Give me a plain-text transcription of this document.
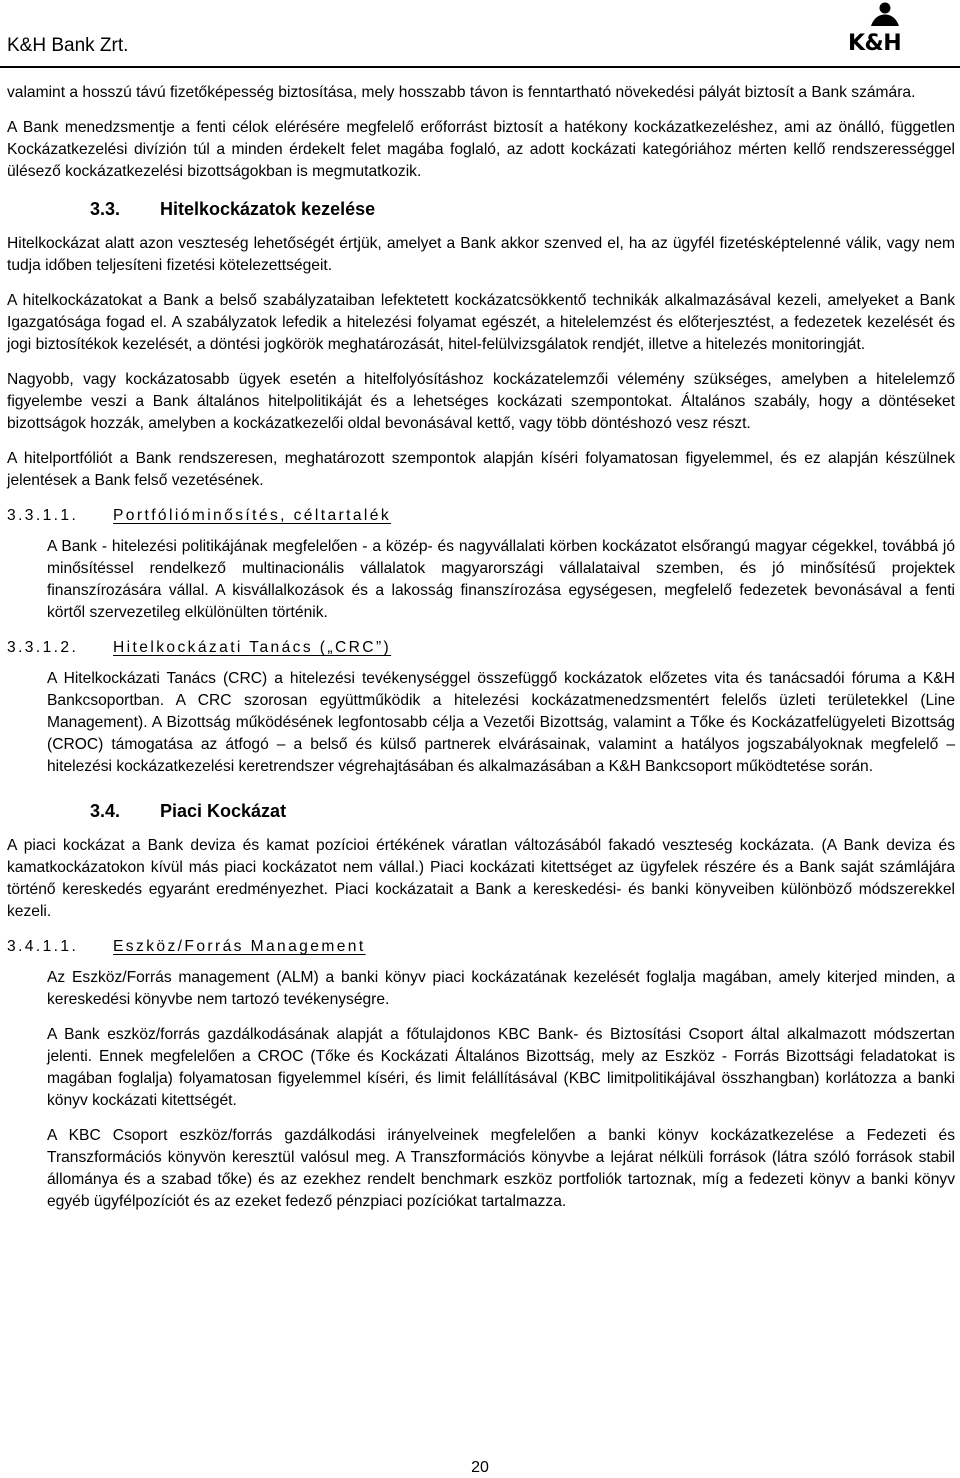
K&H Bank Zrt.	K&H

valamint a hosszú távú fizetőképesség biztosítása, mely hosszabb távon is fenntartható növekedési pályát biztosít a Bank számára.

A Bank menedzsmentje a fenti célok elérésére megfelelő erőforrást biztosít a hatékony kockázatkezeléshez, ami az önálló, független Kockázatkezelési divízión túl a minden érdekelt felet magába foglaló, az adott kockázati kategóriához mérten kellő rendszerességgel ülésező kockázatkezelési bizottságokban is megmutatkozik.

3.3. Hitelkockázatok kezelése

Hitelkockázat alatt azon veszteség lehetőségét értjük, amelyet a Bank akkor szenved el, ha az ügyfél fizetésképtelenné válik, vagy nem tudja időben teljesíteni fizetési kötelezettségeit.

A hitelkockázatokat a Bank a belső szabályzataiban lefektetett kockázatcsökkentő technikák alkalmazásával kezeli, amelyeket a Bank Igazgatósága fogad el. A szabályzatok lefedik a hitelezési folyamat egészét, a hitelelemzést és előterjesztést, a fedezetek kezelését és jogi biztosítékok kezelését, a döntési jogkörök meghatározását, hitel-felülvizsgálatok rendjét, illetve a hitelezés monitoringját.

Nagyobb, vagy kockázatosabb ügyek esetén a hitelfolyósításhoz kockázatelemzői vélemény szükséges, amelyben a hitelelemző figyelembe veszi a Bank általános hitelpolitikáját és a lehetséges kockázati szempontokat. Általános szabály, hogy a döntéseket bizottságok hozzák, amelyben a kockázatkezelői oldal bevonásával kettő, vagy több döntéshozó vesz részt.

A hitelportfóliót a Bank rendszeresen, meghatározott szempontok alapján kíséri folyamatosan figyelemmel, és ez alapján készülnek jelentések a Bank felső vezetésének.

3.3.1.1. Portfólióminősítés, céltartalék

A Bank - hitelezési politikájának megfelelően - a közép- és nagyvállalati körben kockázatot elsőrangú magyar cégekkel, továbbá jó minősítéssel rendelkező multinacionális vállalatok magyarországi vállalataival szemben, és jó minősítésű projektek finanszírozására vállal. A kisvállalkozások és a lakosság finanszírozása egységesen, megfelelő fedezetek bevonásával a fenti körtől szervezetileg elkülönülten történik.

3.3.1.2. Hitelkockázati Tanács („CRC”)

A Hitelkockázati Tanács (CRC) a hitelezési tevékenységgel összefüggő kockázatok előzetes vita és tanácsadói fóruma a K&H Bankcsoportban. A CRC szorosan együttműködik a hitelezési kockázatmenedzsmentért felelős üzleti területekkel (Line Management). A Bizottság működésének legfontosabb célja a Vezetői Bizottság, valamint a Tőke és Kockázatfelügyeleti Bizottság (CROC) támogatása az átfogó – a belső és külső partnerek elvárásainak, valamint a hatályos jogszabályoknak megfelelő – hitelezési kockázatkezelési keretrendszer végrehajtásában és alkalmazásában a K&H Bankcsoport működtetése során.

3.4. Piaci Kockázat

A piaci kockázat a Bank deviza és kamat pozícioi értékének váratlan változásából fakadó veszteség kockázata. (A Bank deviza és kamatkockázatokon kívül más piaci kockázatot nem vállal.) Piaci kockázati kitettséget az ügyfelek részére és a Bank saját számlájára történő kereskedés egyaránt eredményezhet. Piaci kockázatait a Bank a kereskedési- és banki könyveiben különböző módszerekkel kezeli.

3.4.1.1. Eszköz/Forrás Management

Az Eszköz/Forrás management (ALM) a banki könyv piaci kockázatának kezelését foglalja magában, amely kiterjed minden, a kereskedési könyvbe nem tartozó tevékenységre.

A Bank eszköz/forrás gazdálkodásának alapját a főtulajdonos KBC Bank- és Biztosítási Csoport által alkalmazott módszertan jelenti. Ennek megfelelően a CROC (Tőke és Kockázati Általános Bizottság, mely az Eszköz - Forrás Bizottsági feladatokat is magában foglalja) folyamatosan figyelemmel kíséri, és limit felállításával (KBC limitpolitikájával összhangban) korlátozza a banki könyv kockázati kitettségét.

A KBC Csoport eszköz/forrás gazdálkodási irányelveinek megfelelően a banki könyv kockázatkezelése a Fedezeti és Transzformációs könyvön keresztül valósul meg. A Transzformációs könyvbe a lejárat nélküli források (látra szóló források stabil állománya és a szabad tőke) és az ezekhez rendelt benchmark eszköz portfoliók tartoznak, míg a fedezeti könyv a banki könyv egyéb ügyfélpozíciót és az ezeket fedező pénzpiaci pozíciókat tartalmazza.

20
